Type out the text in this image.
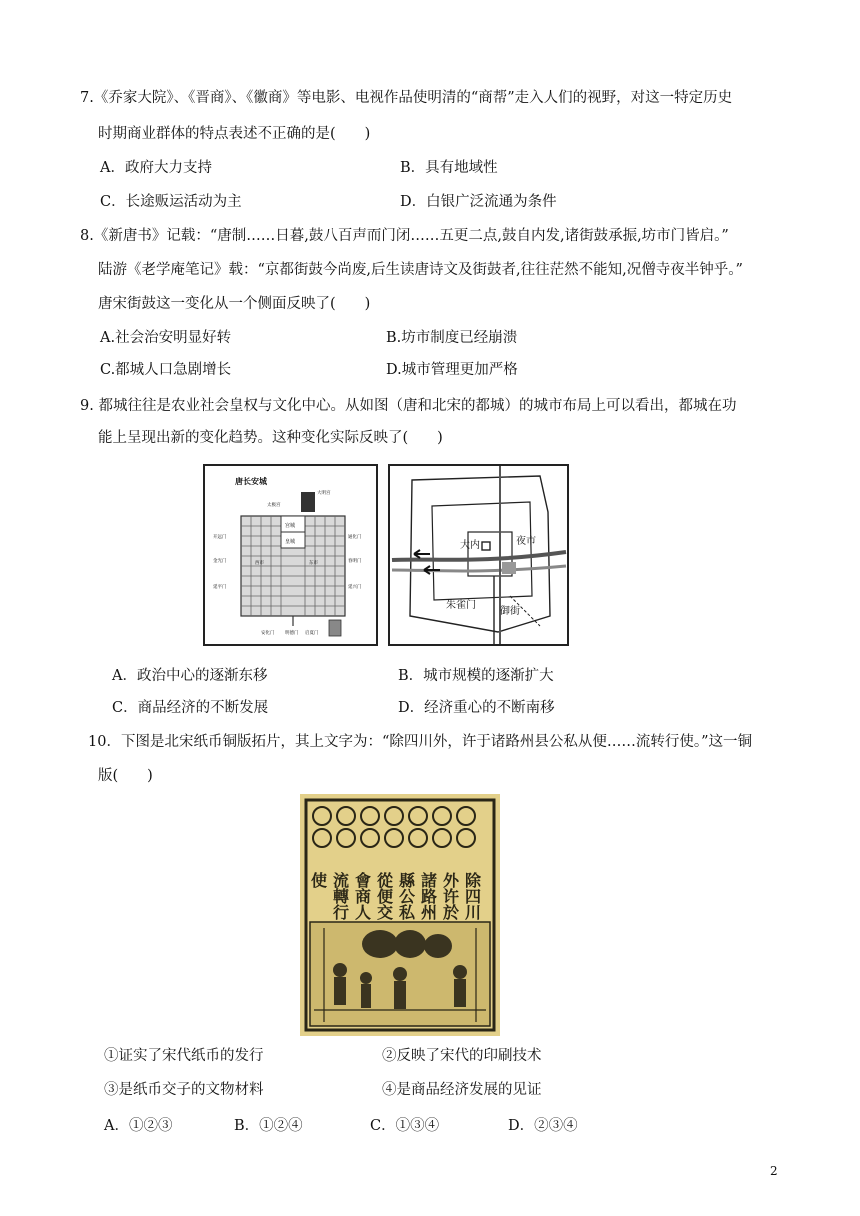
7.《乔家大院》、《晋商》、《徽商》等电影、电视作品使明清的“商帮”走入人们的视野，对这一特定历史
时期商业群体的特点表述不正确的是(　　)
A．政府大力支持	B．具有地域性
C．长途贩运活动为主	D．白银广泛流通为条件
8.《新唐书》记载：“唐制……日暮,鼓八百声而门闭……五更二点,鼓自内发,诸街鼓承振,坊市门皆启。”
陆游《老学庵笔记》载：“京都街鼓今尚废,后生读唐诗文及街鼓者,往往茫然不能知,况僧寺夜半钟乎。”
唐宋街鼓这一变化从一个侧面反映了(　　)
A.社会治安明显好转	B.坊市制度已经崩溃
C.都城人口急剧增长	D.城市管理更加严格
9. 都城往往是农业社会皇权与文化中心。从如图（唐和北宋的都城）的城市布局上可以看出，都城在功
能上呈现出新的变化趋势。这种变化实际反映了(　　)
唐长安城
宫城
皇城
开远门
金光门
延平门
春明门
通化门
延兴门
明德门
安化门	启夏门
大明宫
东市
西市
太极宫
大内	夜市
朱雀门
御街
A．政治中心的逐渐东移	B．城市规模的逐渐扩大
C．商品经济的不断发展	D．经济重心的不断南移
10．下图是北宋纸币铜版拓片，其上文字为：“除四川外，许于诸路州县公私从便……流转行使。”这一铜
版(　　)
除四川
外许於
諸路州
縣公私
從便交
會商人
流轉行
使
①证实了宋代纸币的发行	②反映了宋代的印刷技术
③是纸币交子的文物材料	④是商品经济发展的见证
A．①②③	B．①②④	C．①③④	D．②③④
2
